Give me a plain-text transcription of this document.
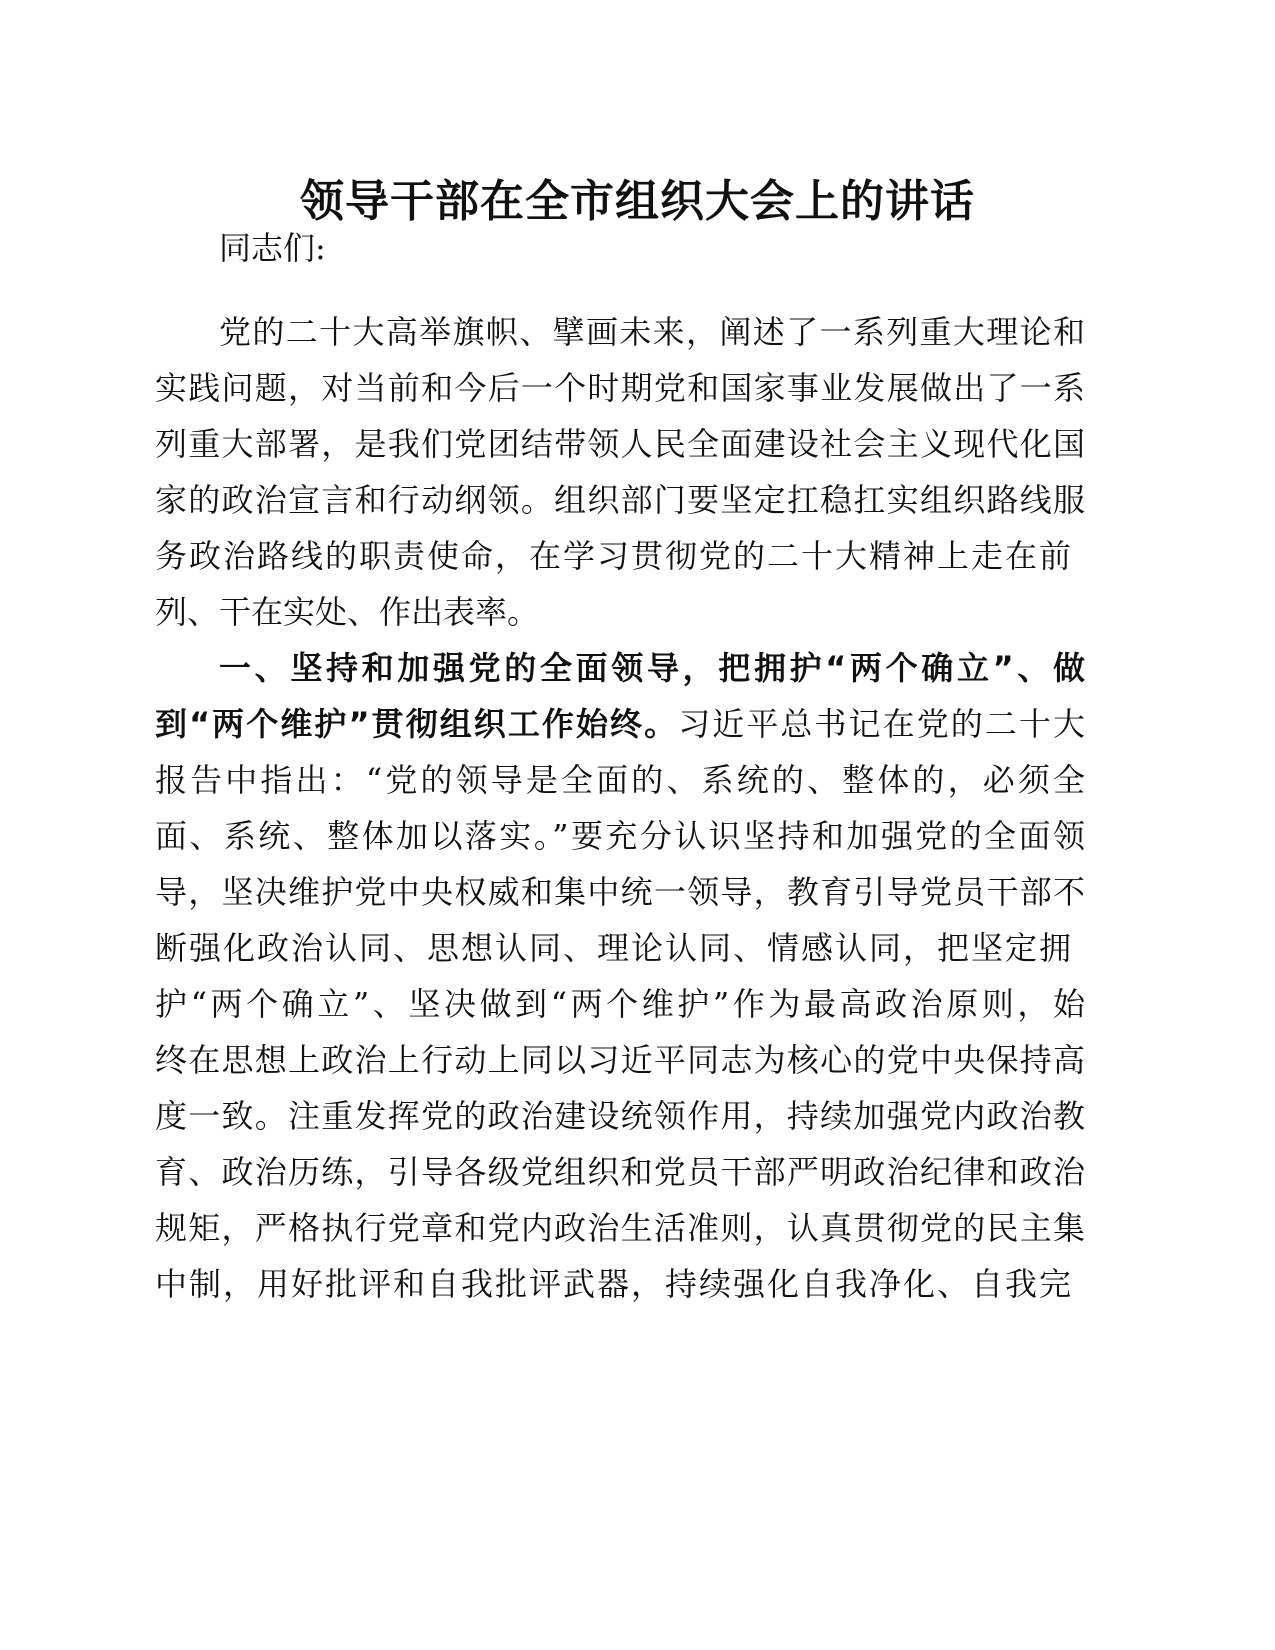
领导干部在全市组织大会上的讲话

同志们:

党的二十大高举旗帜、擘画未来，阐述了一系列重大理论和

实践问题，对当前和今后一个时期党和国家事业发展做出了一系

列重大部署，是我们党团结带领人民全面建设社会主义现代化国

家的政治宣言和行动纲领。组织部门要坚定扛稳扛实组织路线服

务政治路线的职责使命，在学习贯彻党的二十大精神上走在前

列、干在实处、作出表率。

一、坚持和加强党的全面领导，把拥护“两个确立”、做

到“两个维护”贯彻组织工作始终。习近平总书记在党的二十大

报告中指出：“党的领导是全面的、系统的、整体的，必须全

面、系统、整体加以落实。”要充分认识坚持和加强党的全面领

导，坚决维护党中央权威和集中统一领导，教育引导党员干部不

断强化政治认同、思想认同、理论认同、情感认同，把坚定拥

护“两个确立”、坚决做到“两个维护”作为最高政治原则，始

终在思想上政治上行动上同以习近平同志为核心的党中央保持高

度一致。注重发挥党的政治建设统领作用，持续加强党内政治教

育、政治历练，引导各级党组织和党员干部严明政治纪律和政治

规矩，严格执行党章和党内政治生活准则，认真贯彻党的民主集

中制，用好批评和自我批评武器，持续强化自我净化、自我完
